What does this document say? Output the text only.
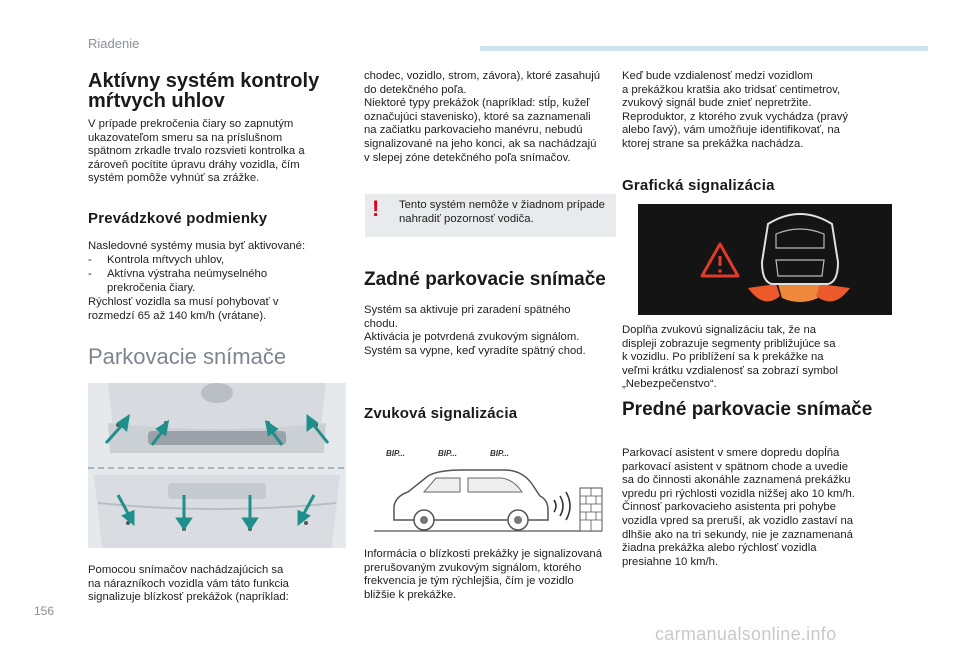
Riadenie
156
carmanualsonline.info
Aktívny systém kontroly
mŕtvych uhlov
V prípade prekročenia čiary so zapnutým
ukazovateľom smeru sa na príslušnom
spätnom zrkadle trvalo rozsvieti kontrolka a
zároveň pocítite úpravu dráhy vozidla, čím
systém pomôže vyhnúť sa zrážke.
Prevádzkové podmienky
Nasledovné systémy musia byť aktivované:
- Kontrola mŕtvych uhlov,
- Aktívna výstraha neúmyselného
prekročenia čiary.
Rýchlosť vozidla sa musí pohybovať v
rozmedzí 65 až 140 km/h (vrátane).
Parkovacie snímače
Pomocou snímačov nachádzajúcich sa
na nárazníkoch vozidla vám táto funkcia
signalizuje blízkosť prekážok (napríklad:
chodec, vozidlo, strom, závora), ktoré zasahujú
do detekčného poľa.
Niektoré typy prekážok (napríklad: stĺp, kužeľ
označujúci stavenisko), ktoré sa zaznamenali
na začiatku parkovacieho manévru, nebudú
signalizované na jeho konci, ak sa nachádzajú
v slepej zóne detekčného poľa snímačov.
! Tento systém nemôže v žiadnom prípade
nahradiť pozornosť vodiča.
Zadné parkovacie snímače
Systém sa aktivuje pri zaradení spätného
chodu.
Aktivácia je potvrdená zvukovým signálom.
Systém sa vypne, keď vyradíte spätný chod.
Zvuková signalizácia
BIP...	BIP...	BIP...
Informácia o blízkosti prekážky je signalizovaná
prerušovaným zvukovým signálom, ktorého
frekvencia je tým rýchlejšia, čím je vozidlo
bližšie k prekážke.
Keď bude vzdialenosť medzi vozidlom
a prekážkou kratšia ako tridsať centimetrov,
zvukový signál bude znieť nepretržite.
Reproduktor, z ktorého zvuk vychádza (pravý
alebo ľavý), vám umožňuje identifikovať, na
ktorej strane sa prekážka nachádza.
Grafická signalizácia
Doplňa zvukovú signalizáciu tak, že na
displeji zobrazuje segmenty približujúce sa
k vozidlu. Po priblížení sa k prekážke na
veľmi krátku vzdialenosť sa zobrazí symbol
„Nebezpečenstvo“.
Predné parkovacie snímače
Parkovací asistent v smere dopredu dopĺňa
parkovací asistent v spätnom chode a uvedie
sa do činnosti akonáhle zaznamená prekážku
vpredu pri rýchlosti vozidla nižšej ako 10 km/h.
Činnosť parkovacieho asistenta pri pohybe
vozidla vpred sa preruší, ak vozidlo zastaví na
dlhšie ako na tri sekundy, nie je zaznamenaná
žiadna prekážka alebo rýchlosť vozidla
presiahne 10 km/h.
